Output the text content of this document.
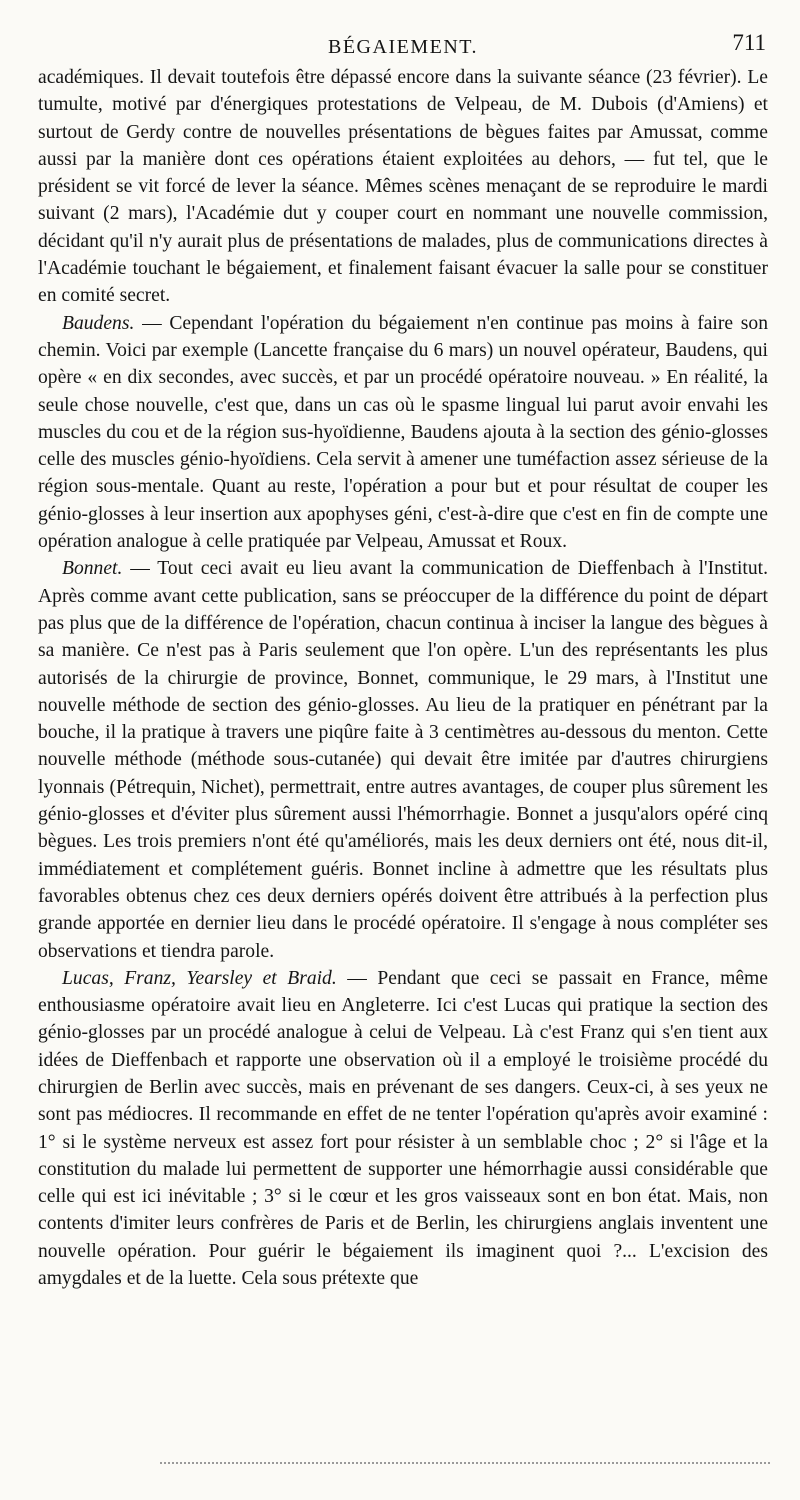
BÉGAIEMENT.	711

académiques. Il devait toutefois être dépassé encore dans la suivante séance (23 février). Le tumulte, motivé par d'énergiques protestations de Velpeau, de M. Dubois (d'Amiens) et surtout de Gerdy contre de nouvelles présentations de bègues faites par Amussat, comme aussi par la manière dont ces opérations étaient exploitées au dehors, — fut tel, que le président se vit forcé de lever la séance. Mêmes scènes menaçant de se reproduire le mardi suivant (2 mars), l'Académie dut y couper court en nommant une nouvelle commission, décidant qu'il n'y aurait plus de présentations de malades, plus de communications directes à l'Académie touchant le bégaiement, et finalement faisant évacuer la salle pour se constituer en comité secret.

Baudens. — Cependant l'opération du bégaiement n'en continue pas moins à faire son chemin. Voici par exemple (Lancette française du 6 mars) un nouvel opérateur, Baudens, qui opère « en dix secondes, avec succès, et par un procédé opératoire nouveau. » En réalité, la seule chose nouvelle, c'est que, dans un cas où le spasme lingual lui parut avoir envahi les muscles du cou et de la région sus-hyoïdienne, Baudens ajouta à la section des génio-glosses celle des muscles génio-hyoïdiens. Cela servit à amener une tuméfaction assez sérieuse de la région sous-mentale. Quant au reste, l'opération a pour but et pour résultat de couper les génio-glosses à leur insertion aux apophyses géni, c'est-à-dire que c'est en fin de compte une opération analogue à celle pratiquée par Velpeau, Amussat et Roux.

Bonnet. — Tout ceci avait eu lieu avant la communication de Dieffenbach à l'Institut. Après comme avant cette publication, sans se préoccuper de la différence du point de départ pas plus que de la différence de l'opération, chacun continua à inciser la langue des bègues à sa manière. Ce n'est pas à Paris seulement que l'on opère. L'un des représentants les plus autorisés de la chirurgie de province, Bonnet, communique, le 29 mars, à l'Institut une nouvelle méthode de section des génio-glosses. Au lieu de la pratiquer en pénétrant par la bouche, il la pratique à travers une piqûre faite à 3 centimètres au-dessous du menton. Cette nouvelle méthode (méthode sous-cutanée) qui devait être imitée par d'autres chirurgiens lyonnais (Pétrequin, Nichet), permettrait, entre autres avantages, de couper plus sûrement les génio-glosses et d'éviter plus sûrement aussi l'hémorrhagie. Bonnet a jusqu'alors opéré cinq bègues. Les trois premiers n'ont été qu'améliorés, mais les deux derniers ont été, nous dit-il, immédiatement et complétement guéris. Bonnet incline à admettre que les résultats plus favorables obtenus chez ces deux derniers opérés doivent être attribués à la perfection plus grande apportée en dernier lieu dans le procédé opératoire. Il s'engage à nous compléter ses observations et tiendra parole.

Lucas, Franz, Yearsley et Braid. — Pendant que ceci se passait en France, même enthousiasme opératoire avait lieu en Angleterre. Ici c'est Lucas qui pratique la section des génio-glosses par un procédé analogue à celui de Velpeau. Là c'est Franz qui s'en tient aux idées de Dieffenbach et rapporte une observation où il a employé le troisième procédé du chirurgien de Berlin avec succès, mais en prévenant de ses dangers. Ceux-ci, à ses yeux ne sont pas médiocres. Il recommande en effet de ne tenter l'opération qu'après avoir examiné : 1° si le système nerveux est assez fort pour résister à un semblable choc ; 2° si l'âge et la constitution du malade lui permettent de supporter une hémorrhagie aussi considérable que celle qui est ici inévitable ; 3° si le cœur et les gros vaisseaux sont en bon état. Mais, non contents d'imiter leurs confrères de Paris et de Berlin, les chirurgiens anglais inventent une nouvelle opération. Pour guérir le bégaiement ils imaginent quoi ?... L'excision des amygdales et de la luette. Cela sous prétexte que
